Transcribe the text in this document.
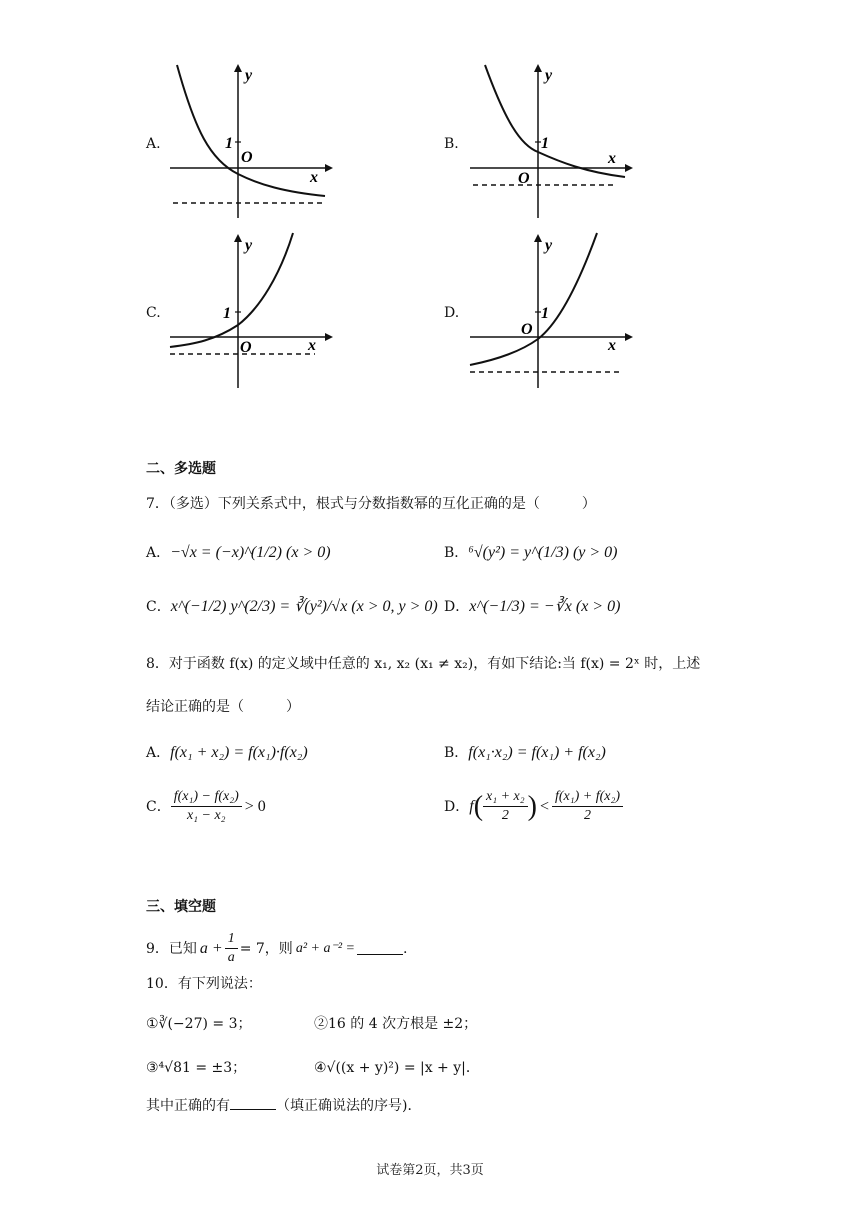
A.
y
x
O
1	B.
y
x
O
1
C.
y
x
O
1	D.
y
x
O
1
二、多选题
7．（多选）下列关系式中，根式与分数指数幂的互化正确的是（　　　）
A．−√x = (−x)^(1/2) (x > 0)	B．⁶√(y²) = y^(1/3) (y > 0)
C．x^(−1/2) y^(2/3) = ∛(y²)/√x (x > 0, y > 0) D．x^(−1/3) = −∛x (x > 0)
8．对于函数 f(x) 的定义域中任意的 x₁, x₂ (x₁ ≠ x₂)，有如下结论:当 f(x) = 2ˣ 时，上述
结论正确的是（　　　）
A．f(x₁ + x₂) = f(x₁)·f(x₂)	B．f(x₁·x₂) = f(x₁) + f(x₂)
C． $\frac{\text{f(x₁) − f(x₂)}}{\text{x₁ − x₂}} > 0$	D． f ( $\frac{\text{x₁ + x₂}}{2}$ ) < $\frac{\text{f(x₁) + f(x₂)}}{2}$
三、填空题
9．已知 $a + \frac{1}{a} = 7$，则 a² + a⁻² =	.
10．有下列说法：
①∛(−27) = 3；	②16 的 4 次方根是 ±2；
③⁴√81 = ±3；	④√((x + y)²) = |x + y|．
其中正确的有	（填正确说法的序号)．
试卷第2页，共3页
